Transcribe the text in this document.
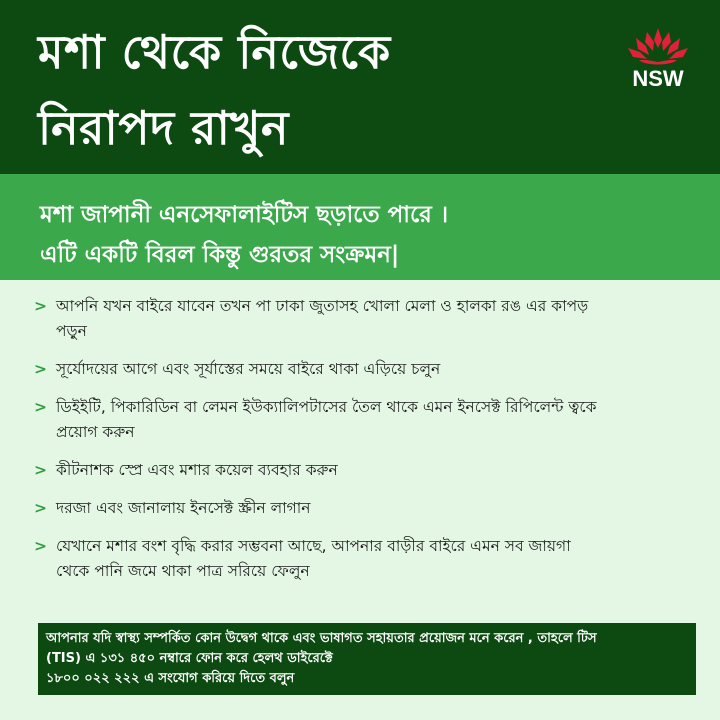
মশা থেকে নিজেকে
নিরাপদ রাখুন
NSW
মশা জাপানী এনসেফালাইটিস ছড়াতে পারে ।
এটি একটি বিরল কিন্তু গুরতর সংক্রমন|
> আপনি যখন বাইরে যাবেন তখন পা ঢাকা জুতাসহ খোলা মেলা ও হালকা রঙ এর কাপড়
পড়ুন
> সূর্যোদয়ের আগে এবং সূর্যাস্তের সময়ে বাইরে থাকা এড়িয়ে চলুন
> ডিইইটি, পিকারিডিন বা লেমন ইউক্যালিপটাসের তৈল থাকে এমন ইনসেক্ট রিপিলেন্ট ত্বকে
প্রয়োগ করুন
> কীটনাশক স্প্রে এবং মশার কয়েল ব্যবহার করুন
> দরজা এবং জানালায় ইনসেক্ট স্ক্রীন লাগান
> যেখানে মশার বংশ বৃদ্ধি করার সম্ভবনা আছে, আপনার বাড়ীর বাইরে এমন সব জায়গা
থেকে পানি জমে থাকা পাত্র সরিয়ে ফেলুন
আপনার যদি স্বাস্থ্য সম্পর্কিত কোন উদ্বেগ থাকে এবং ভাষাগত সহায়তার প্রয়োজন মনে করেন , তাহলে টিস
(TIS) এ ১৩১ ৪৫০ নম্বারে ফোন করে হেলথ ডাইরেক্টে
১৮০০ ০২২ ২২২ এ সংযোগ করিয়ে দিতে বলুন
